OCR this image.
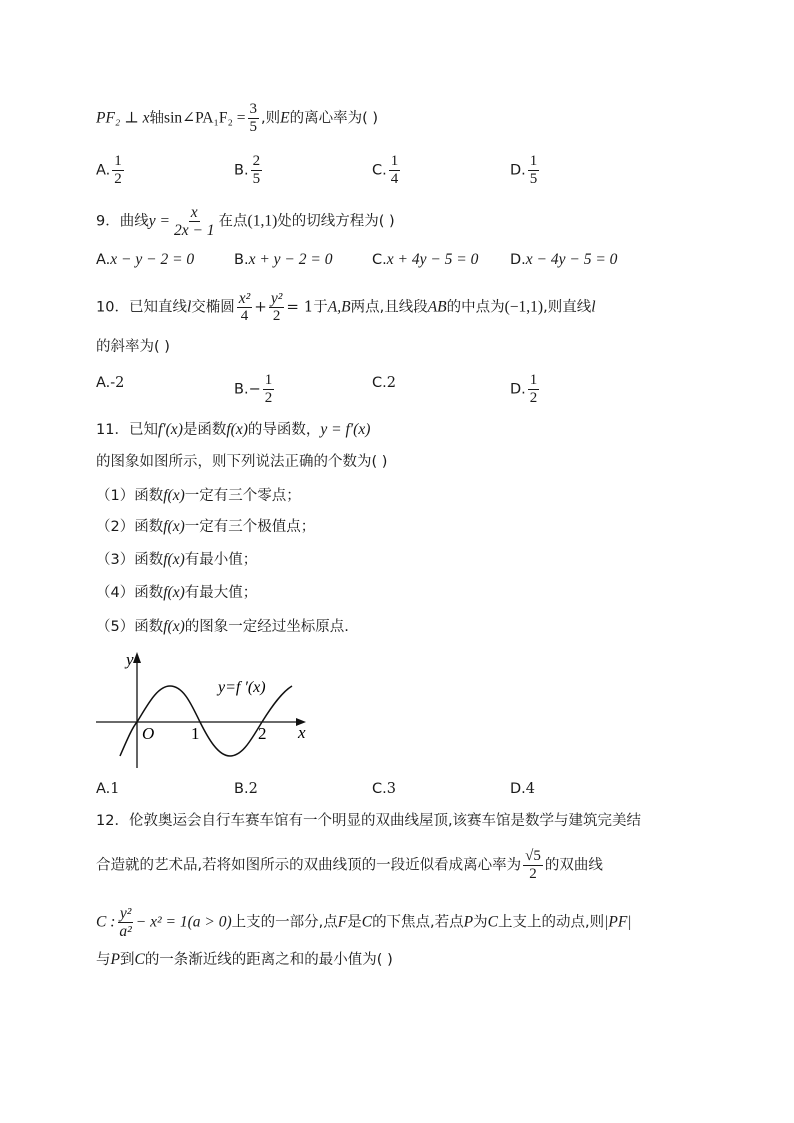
PF₂ ⊥ x轴sin∠PA₁F₂ = $\frac{3}{5}$ ,则E的离心率为( )
A. $\frac{1}{2}$	B. $\frac{2}{5}$	C. $\frac{1}{4}$	D. $\frac{1}{5}$
9．曲线$y = \frac{x}{2x - 1}$ 在点(1,1)处的切线方程为( )
A.x − y − 2 = 0	B.x + y − 2 = 0	C.x + 4y − 5 = 0 D.x − 4y − 5 = 0
10．已知直线l交椭圆 $\frac{\text{x²}}{4} + \frac{\text{y²}}{2} = 1$于A,B两点,且线段AB的中点为(−1,1),则直线l
的斜率为( )
A.-2	$B.- \frac{1}{2}$	C.2	D. $\frac{1}{2}$
11．已知f′(x)是函数f(x)的导函数，y = f′(x)
的图象如图所示，则下列说法正确的个数为( )
（1）函数f(x)一定有三个零点；
（2）函数f(x)一定有三个极值点；
（3）函数f(x)有最小值；
（4）函数f(x)有最大值；
（5）函数f(x)的图象一定经过坐标原点.
y
x
O 1	2
y=f ′(x)
A.1	B.2	C.3	D.4
12．伦敦奥运会自行车赛车馆有一个明显的双曲线屋顶,该赛车馆是数学与建筑完美结
合造就的艺术品,若将如图所示的双曲线顶的一段近似看成离心率为 $\frac{√5}{2}$ 的双曲线
C : $\frac{\text{y²}}{\text{a²}} - x^2 = 1(a > 0)$上支的一部分,点F是C的下焦点,若点P为C上支上的动点,则|PF|
与P到C的一条渐近线的距离之和的最小值为( )
